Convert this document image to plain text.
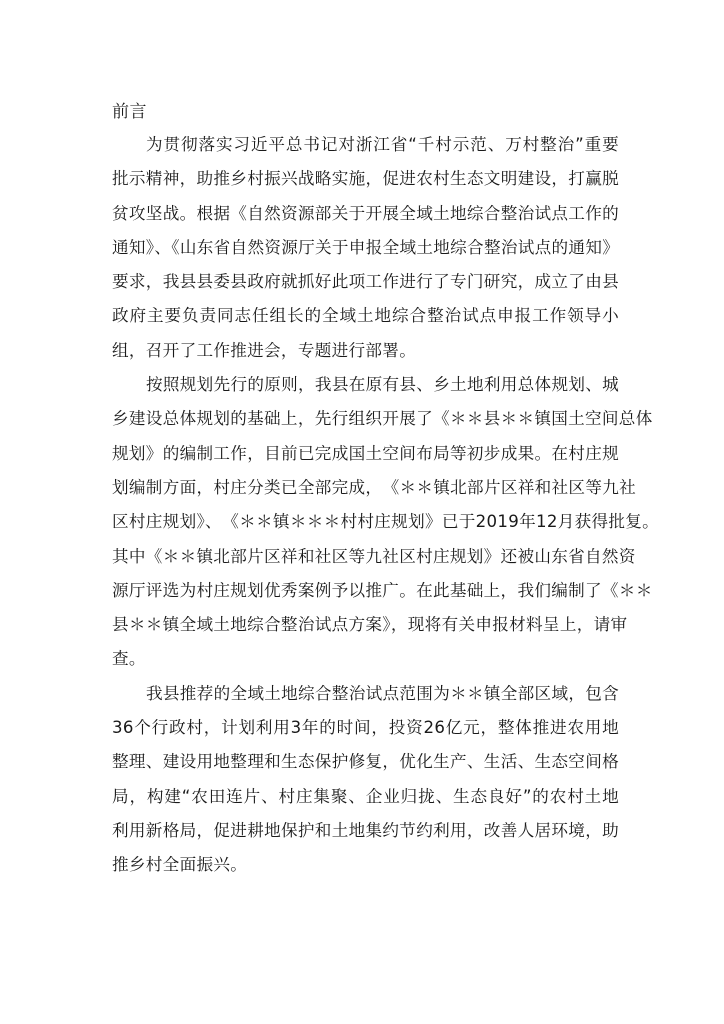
前言
为贯彻落实习近平总书记对浙江省“千村示范、万村整治”重要
批示精神，助推乡村振兴战略实施，促进农村生态文明建设，打赢脱
贫攻坚战。根据《自然资源部关于开展全域土地综合整治试点工作的
通知》、《山东省自然资源厅关于申报全域土地综合整治试点的通知》
要求，我县县委县政府就抓好此项工作进行了专门研究，成立了由县
政府主要负责同志任组长的全域土地综合整治试点申报工作领导小
组，召开了工作推进会，专题进行部署。
按照规划先行的原则，我县在原有县、乡土地利用总体规划、城
乡建设总体规划的基础上，先行组织开展了《＊＊县＊＊镇国土空间总体
规划》的编制工作，目前已完成国土空间布局等初步成果。在村庄规
划编制方面，村庄分类已全部完成，　《＊＊镇北部片区祥和社区等九社
区村庄规划》、　《＊＊镇＊＊＊村村庄规划》已于2019年12月获得批复。
其中《＊＊镇北部片区祥和社区等九社区村庄规划》还被山东省自然资
源厅评选为村庄规划优秀案例予以推广。在此基础上，我们编制了《＊＊
县＊＊镇全域土地综合整治试点方案》，现将有关申报材料呈上，请审
查。
我县推荐的全域土地综合整治试点范围为＊＊镇全部区域，包含
36个行政村，计划利用3年的时间，投资26亿元，整体推进农用地
整理、建设用地整理和生态保护修复，优化生产、生活、生态空间格
局，构建“农田连片、村庄集聚、企业归拢、生态良好”的农村土地
利用新格局，促进耕地保护和土地集约节约利用，改善人居环境，助
推乡村全面振兴。
